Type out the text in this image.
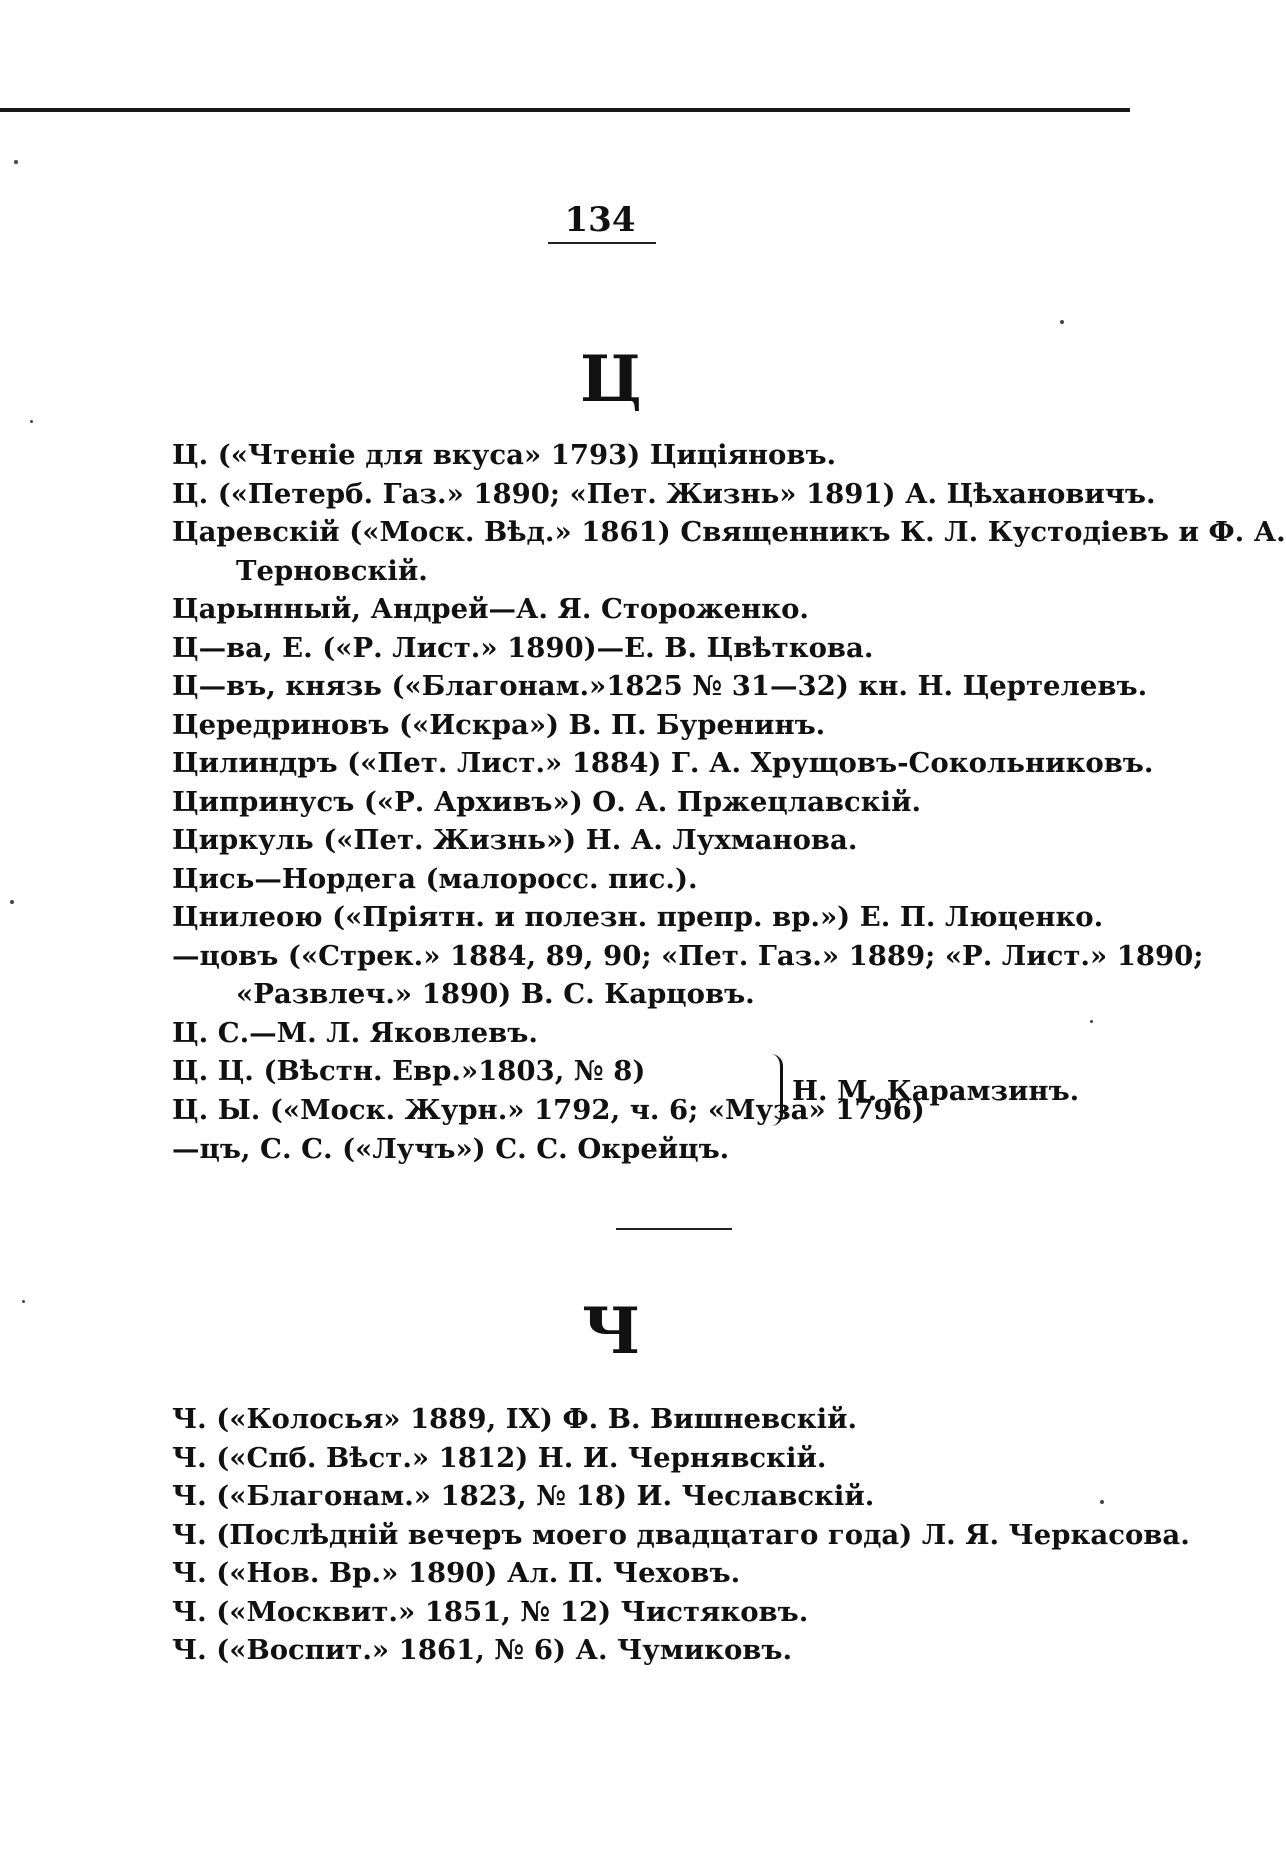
134
Ц
Ц. («Чтеніе для вкуса» 1793) Циціяновъ.
Ц. («Петерб. Газ.» 1890; «Пет. Жизнь» 1891) А. Цѣхановичъ.
Царевскій («Моск. Вѣд.» 1861) Священникъ К. Л. Кустодіевъ и Ф. А.
Терновскій.
Царынный, Андрей—А. Я. Стороженко.
Ц—ва, Е. («Р. Лист.» 1890)—Е. В. Цвѣткова.
Ц—въ, князь («Благонам.»1825 № 31—32) кн. Н. Цертелевъ.
Цередриновъ («Искра») В. П. Буренинъ.
Цилиндръ («Пет. Лист.» 1884) Г. А. Хрущовъ-Сокольниковъ.
Ципринусъ («Р. Архивъ») О. А. Пржецлавскій.
Циркуль («Пет. Жизнь») Н. А. Лухманова.
Цись—Нордега (малоросс. пис.).
Цнилеою («Пріятн. и полезн. препр. вр.») Е. П. Люценко.
—цовъ («Стрек.» 1884, 89, 90; «Пет. Газ.» 1889; «Р. Лист.» 1890;
«Развлеч.» 1890) В. С. Карцовъ.
Ц. С.—М. Л. Яковлевъ.
Ц. Ц. (Вѣстн. Евр.»1803, № 8)
Ц. Ы. («Моск. Журн.» 1792, ч. 6; «Муза» 1796)
Н. М. Карамзинъ.
—цъ, С. С. («Лучъ») С. С. Окрейцъ.
Ч
Ч. («Колосья» 1889, IX) Ф. В. Вишневскій.
Ч. («Спб. Вѣст.» 1812) Н. И. Чернявскій.
Ч. («Благонам.» 1823, № 18) И. Чеславскій.
Ч. (Послѣдній вечеръ моего двадцатаго года) Л. Я. Черкасова.
Ч. («Нов. Вр.» 1890) Ал. П. Чеховъ.
Ч. («Москвит.» 1851, № 12) Чистяковъ.
Ч. («Воспит.» 1861, № 6) А. Чумиковъ.
